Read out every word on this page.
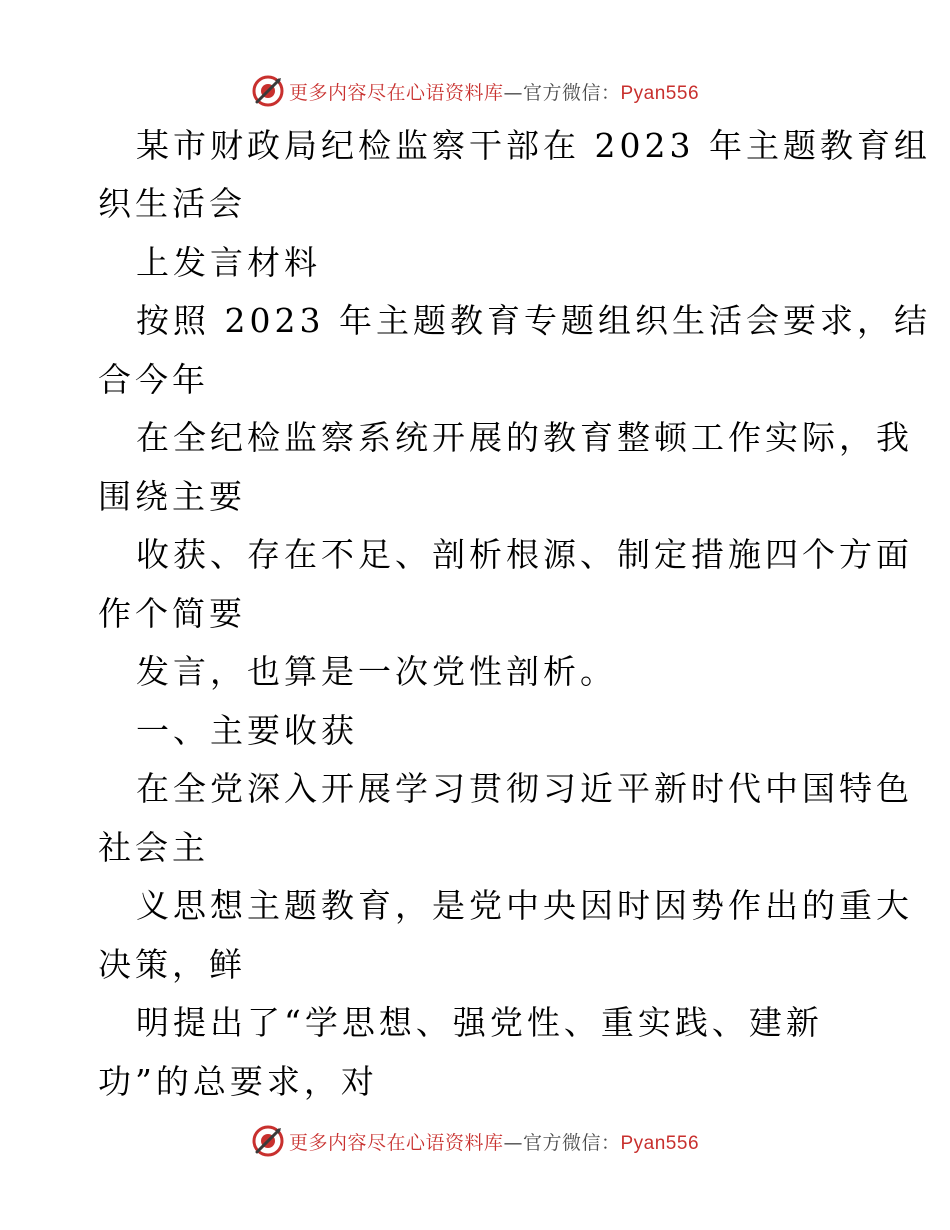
更多内容尽在心语资料库—官方微信：Pyan556
某市财政局纪检监察干部在 2023 年主题教育组
织生活会
上发言材料
按照 2023 年主题教育专题组织生活会要求，结
合今年
在全纪检监察系统开展的教育整顿工作实际，我
围绕主要
收获、存在不足、剖析根源、制定措施四个方面
作个简要
发言，也算是一次党性剖析。
一、主要收获
在全党深入开展学习贯彻习近平新时代中国特色
社会主
义思想主题教育，是党中央因时因势作出的重大
决策，鲜
明提出了“学思想、强党性、重实践、建新
功”的总要求，对
更多内容尽在心语资料库—官方微信：Pyan556
